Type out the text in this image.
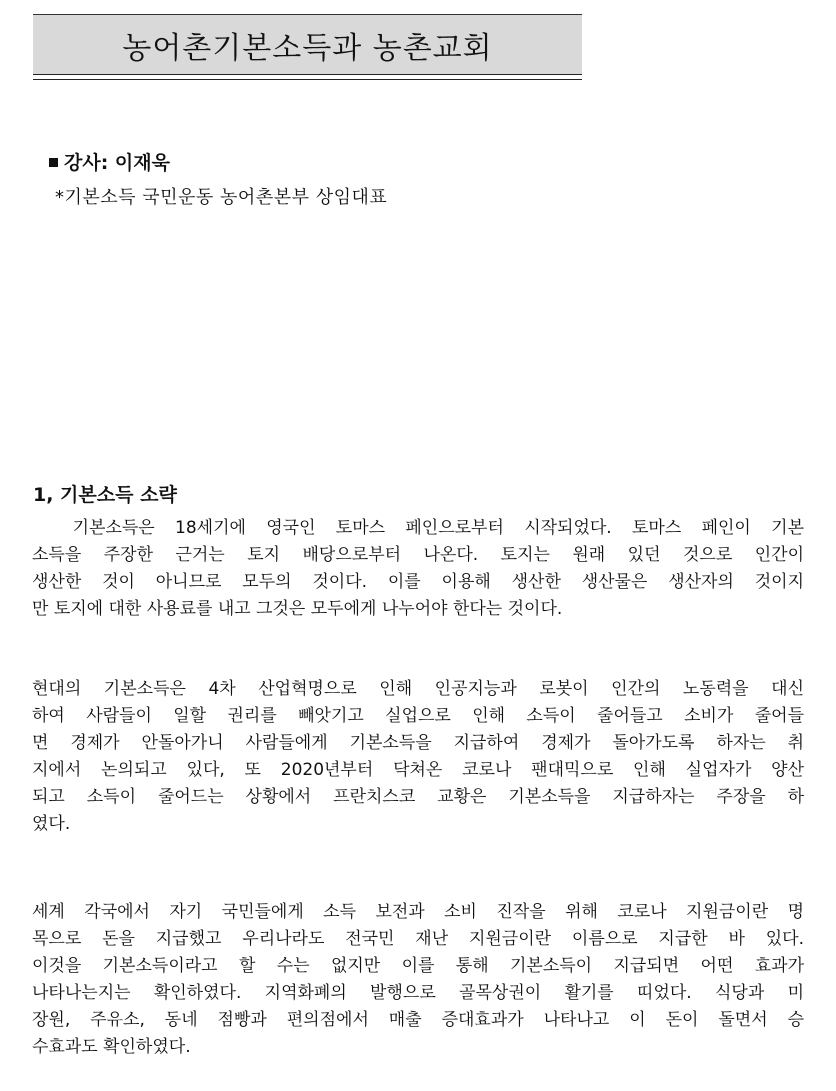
농어촌기본소득과 농촌교회
강사: 이재욱
*기본소득 국민운동 농어촌본부 상임대표
1, 기본소득 소략
기본소득은 18세기에 영국인 토마스 페인으로부터 시작되었다. 토마스 페인이 기본
소득을 주장한 근거는 토지 배당으로부터 나온다. 토지는 원래 있던 것으로 인간이
생산한 것이 아니므로 모두의 것이다. 이를 이용해 생산한 생산물은 생산자의 것이지
만 토지에 대한 사용료를 내고 그것은 모두에게 나누어야 한다는 것이다.
현대의 기본소득은 4차 산업혁명으로 인해 인공지능과 로봇이 인간의 노동력을 대신
하여 사람들이 일할 권리를 빼앗기고 실업으로 인해 소득이 줄어들고 소비가 줄어들
면 경제가 안돌아가니 사람들에게 기본소득을 지급하여 경제가 돌아가도록 하자는 취
지에서 논의되고 있다, 또 2020년부터 닥쳐온 코로나 팬대믹으로 인해 실업자가 양산
되고 소득이 줄어드는 상황에서 프란치스코 교황은 기본소득을 지급하자는 주장을 하
였다.
세계 각국에서 자기 국민들에게 소득 보전과 소비 진작을 위해 코로나 지원금이란 명
목으로 돈을 지급했고 우리나라도 전국민 재난 지원금이란 이름으로 지급한 바 있다.
이것을 기본소득이라고 할 수는 없지만 이를 통해 기본소득이 지급되면 어떤 효과가
나타나는지는 확인하였다. 지역화폐의 발행으로 골목상권이 활기를 띠었다. 식당과 미
장원, 주유소, 동네 점빵과 편의점에서 매출 증대효과가 나타나고 이 돈이 돌면서 승
수효과도 확인하였다.
